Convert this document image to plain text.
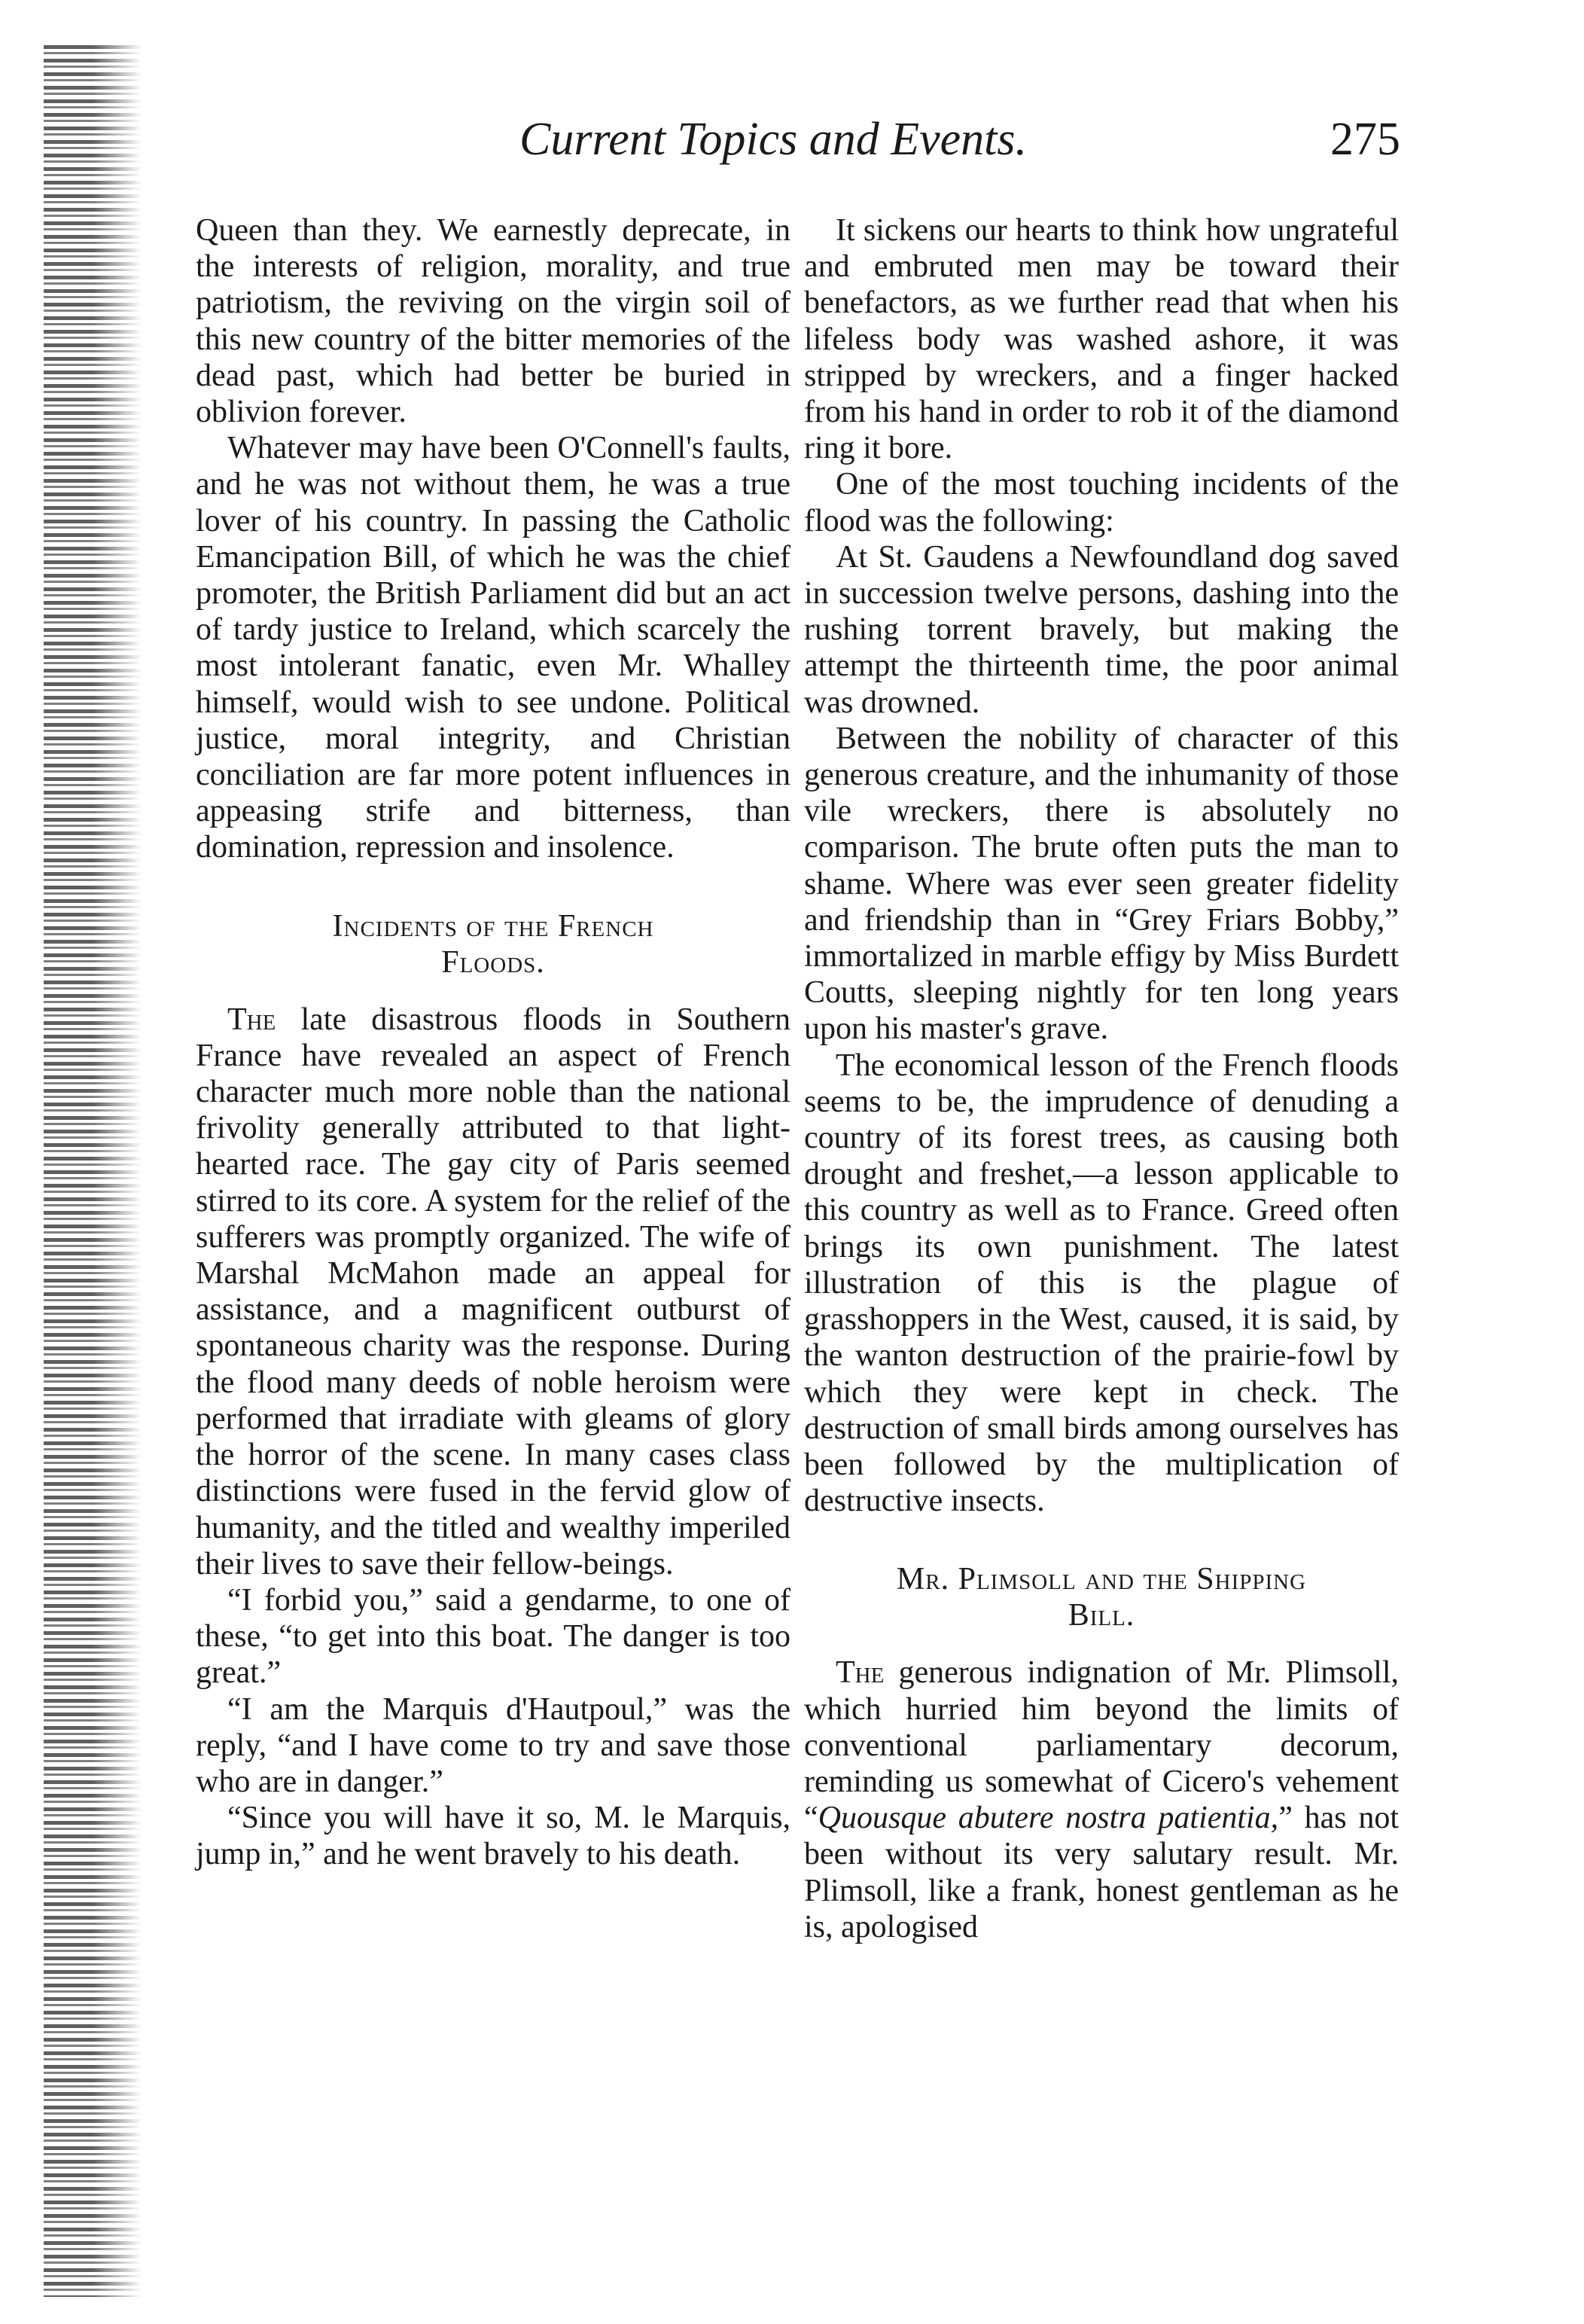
Current Topics and Events.	275

Queen than they. We earnestly deprecate, in the interests of religion, morality, and true patriotism, the reviving on the virgin soil of this new country of the bitter memories of the dead past, which had better be buried in oblivion forever.

Whatever may have been O'Connell's faults, and he was not without them, he was a true lover of his country. In passing the Catholic Emancipation Bill, of which he was the chief promoter, the British Parliament did but an act of tardy justice to Ireland, which scarcely the most intolerant fanatic, even Mr. Whalley himself, would wish to see undone. Political justice, moral integrity, and Christian conciliation are far more potent influences in appeasing strife and bitterness, than domination, repression and insolence.

Incidents of the French
Floods.

The late disastrous floods in Southern France have revealed an aspect of French character much more noble than the national frivolity generally attributed to that light-hearted race. The gay city of Paris seemed stirred to its core. A system for the relief of the sufferers was promptly organized. The wife of Marshal McMahon made an appeal for assistance, and a magnificent outburst of spontaneous charity was the response. During the flood many deeds of noble heroism were performed that irradiate with gleams of glory the horror of the scene. In many cases class distinctions were fused in the fervid glow of humanity, and the titled and wealthy imperiled their lives to save their fellow-beings.

“I forbid you,” said a gendarme, to one of these, “to get into this boat. The danger is too great.”

“I am the Marquis d'Hautpoul,” was the reply, “and I have come to try and save those who are in danger.”

“Since you will have it so, M. le Marquis, jump in,” and he went bravely to his death.

It sickens our hearts to think how ungrateful and embruted men may be toward their benefactors, as we further read that when his lifeless body was washed ashore, it was stripped by wreckers, and a finger hacked from his hand in order to rob it of the diamond ring it bore.

One of the most touching incidents of the flood was the following:

At St. Gaudens a Newfoundland dog saved in succession twelve persons, dashing into the rushing torrent bravely, but making the attempt the thirteenth time, the poor animal was drowned.

Between the nobility of character of this generous creature, and the inhumanity of those vile wreckers, there is absolutely no comparison. The brute often puts the man to shame. Where was ever seen greater fidelity and friendship than in “Grey Friars Bobby,” immortalized in marble effigy by Miss Burdett Coutts, sleeping nightly for ten long years upon his master's grave.

The economical lesson of the French floods seems to be, the imprudence of denuding a country of its forest trees, as causing both drought and freshet,—a lesson applicable to this country as well as to France. Greed often brings its own punishment. The latest illustration of this is the plague of grasshoppers in the West, caused, it is said, by the wanton destruction of the prairie-fowl by which they were kept in check. The destruction of small birds among ourselves has been followed by the multiplication of destructive insects.

Mr. Plimsoll and the Shipping
Bill.

The generous indignation of Mr. Plimsoll, which hurried him beyond the limits of conventional parliamentary decorum, reminding us somewhat of Cicero's vehement “Quousque abutere nostra patientia,” has not been without its very salutary result. Mr. Plimsoll, like a frank, honest gentleman as he is, apologised
